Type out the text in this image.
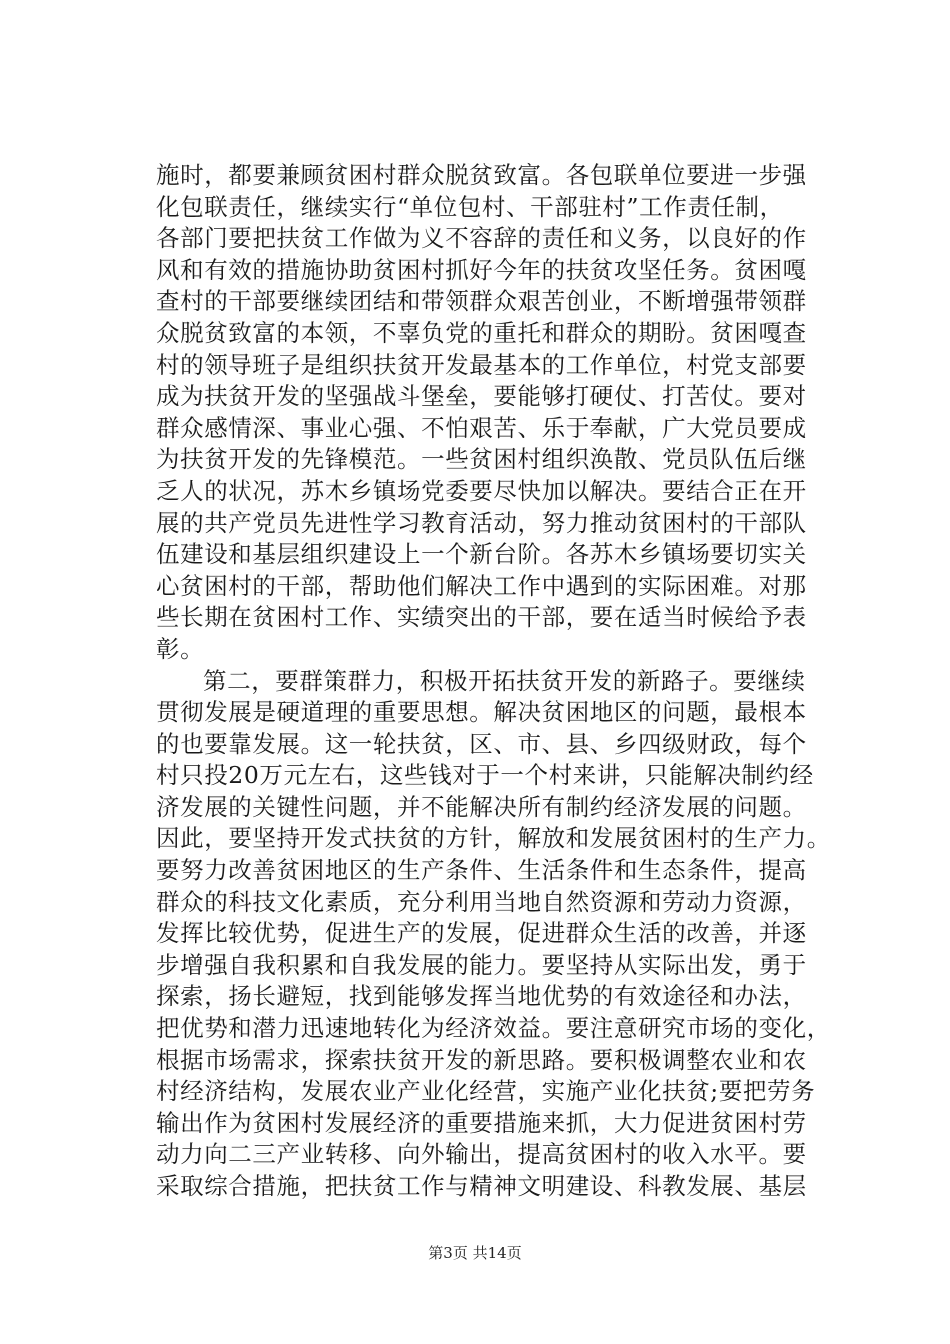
施时，都要兼顾贫困村群众脱贫致富。各包联单位要进一步强
化包联责任，继续实行“单位包村、干部驻村”工作责任制，
各部门要把扶贫工作做为义不容辞的责任和义务，以良好的作
风和有效的措施协助贫困村抓好今年的扶贫攻坚任务。贫困嘎
查村的干部要继续团结和带领群众艰苦创业，不断增强带领群
众脱贫致富的本领，不辜负党的重托和群众的期盼。贫困嘎查
村的领导班子是组织扶贫开发最基本的工作单位，村党支部要
成为扶贫开发的坚强战斗堡垒，要能够打硬仗、打苦仗。要对
群众感情深、事业心强、不怕艰苦、乐于奉献，广大党员要成
为扶贫开发的先锋模范。一些贫困村组织涣散、党员队伍后继
乏人的状况，苏木乡镇场党委要尽快加以解决。要结合正在开
展的共产党员先进性学习教育活动，努力推动贫困村的干部队
伍建设和基层组织建设上一个新台阶。各苏木乡镇场要切实关
心贫困村的干部，帮助他们解决工作中遇到的实际困难。对那
些长期在贫困村工作、实绩突出的干部，要在适当时候给予表
彰。
第二，要群策群力，积极开拓扶贫开发的新路子。要继续
贯彻发展是硬道理的重要思想。解决贫困地区的问题，最根本
的也要靠发展。这一轮扶贫，区、市、县、乡四级财政，每个
村只投20万元左右，这些钱对于一个村来讲，只能解决制约经
济发展的关键性问题，并不能解决所有制约经济发展的问题。
因此，要坚持开发式扶贫的方针，解放和发展贫困村的生产力。
要努力改善贫困地区的生产条件、生活条件和生态条件，提高
群众的科技文化素质，充分利用当地自然资源和劳动力资源，
发挥比较优势，促进生产的发展，促进群众生活的改善，并逐
步增强自我积累和自我发展的能力。要坚持从实际出发，勇于
探索，扬长避短，找到能够发挥当地优势的有效途径和办法，
把优势和潜力迅速地转化为经济效益。要注意研究市场的变化，
根据市场需求，探索扶贫开发的新思路。要积极调整农业和农
村经济结构，发展农业产业化经营，实施产业化扶贫;要把劳务
输出作为贫困村发展经济的重要措施来抓，大力促进贫困村劳
动力向二三产业转移、向外输出，提高贫困村的收入水平。要
采取综合措施，把扶贫工作与精神文明建设、科教发展、基层
第3页 共14页
